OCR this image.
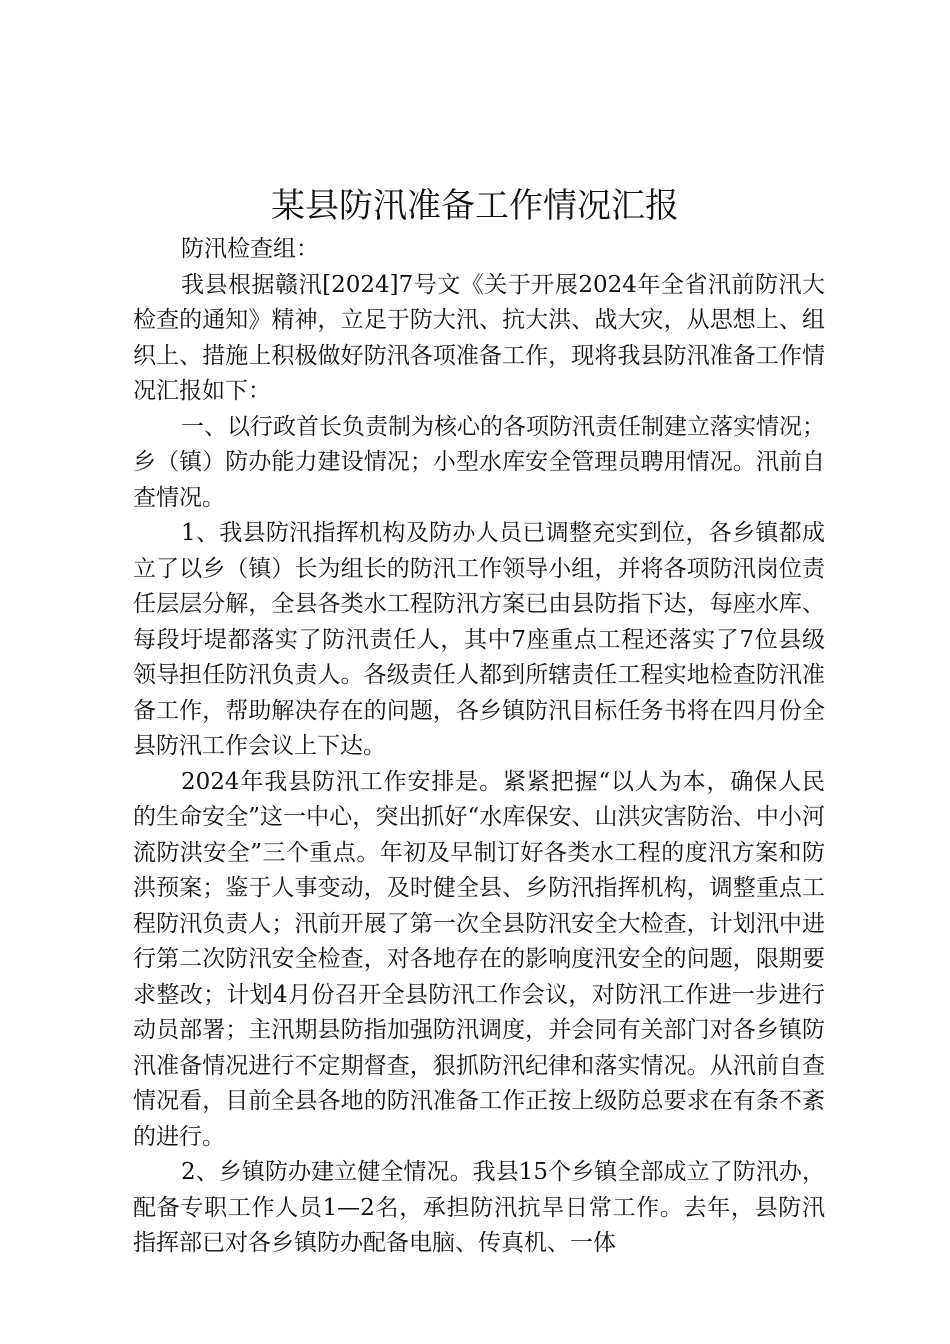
某县防汛准备工作情况汇报

防汛检查组：

我县根据赣汛[2024]7号文《关于开展2024年全省汛前防汛大检查的通知》精神，立足于防大汛、抗大洪、战大灾，从思想上、组织上、措施上积极做好防汛各项准备工作，现将我县防汛准备工作情况汇报如下：

一、以行政首长负责制为核心的各项防汛责任制建立落实情况；乡（镇）防办能力建设情况；小型水库安全管理员聘用情况。汛前自查情况。

1、我县防汛指挥机构及防办人员已调整充实到位，各乡镇都成立了以乡（镇）长为组长的防汛工作领导小组，并将各项防汛岗位责任层层分解，全县各类水工程防汛方案已由县防指下达，每座水库、每段圩堤都落实了防汛责任人，其中7座重点工程还落实了7位县级领导担任防汛负责人。各级责任人都到所辖责任工程实地检查防汛准备工作，帮助解决存在的问题，各乡镇防汛目标任务书将在四月份全县防汛工作会议上下达。

2024年我县防汛工作安排是。紧紧把握“以人为本，确保人民的生命安全”这一中心，突出抓好“水库保安、山洪灾害防治、中小河流防洪安全”三个重点。年初及早制订好各类水工程的度汛方案和防洪预案；鉴于人事变动，及时健全县、乡防汛指挥机构，调整重点工程防汛负责人；汛前开展了第一次全县防汛安全大检查，计划汛中进行第二次防汛安全检查，对各地存在的影响度汛安全的问题，限期要求整改；计划4月份召开全县防汛工作会议，对防汛工作进一步进行动员部署；主汛期县防指加强防汛调度，并会同有关部门对各乡镇防汛准备情况进行不定期督查，狠抓防汛纪律和落实情况。从汛前自查情况看，目前全县各地的防汛准备工作正按上级防总要求在有条不紊的进行。

2、乡镇防办建立健全情况。我县15个乡镇全部成立了防汛办，配备专职工作人员1—2名，承担防汛抗旱日常工作。去年，县防汛指挥部已对各乡镇防办配备电脑、传真机、一体
